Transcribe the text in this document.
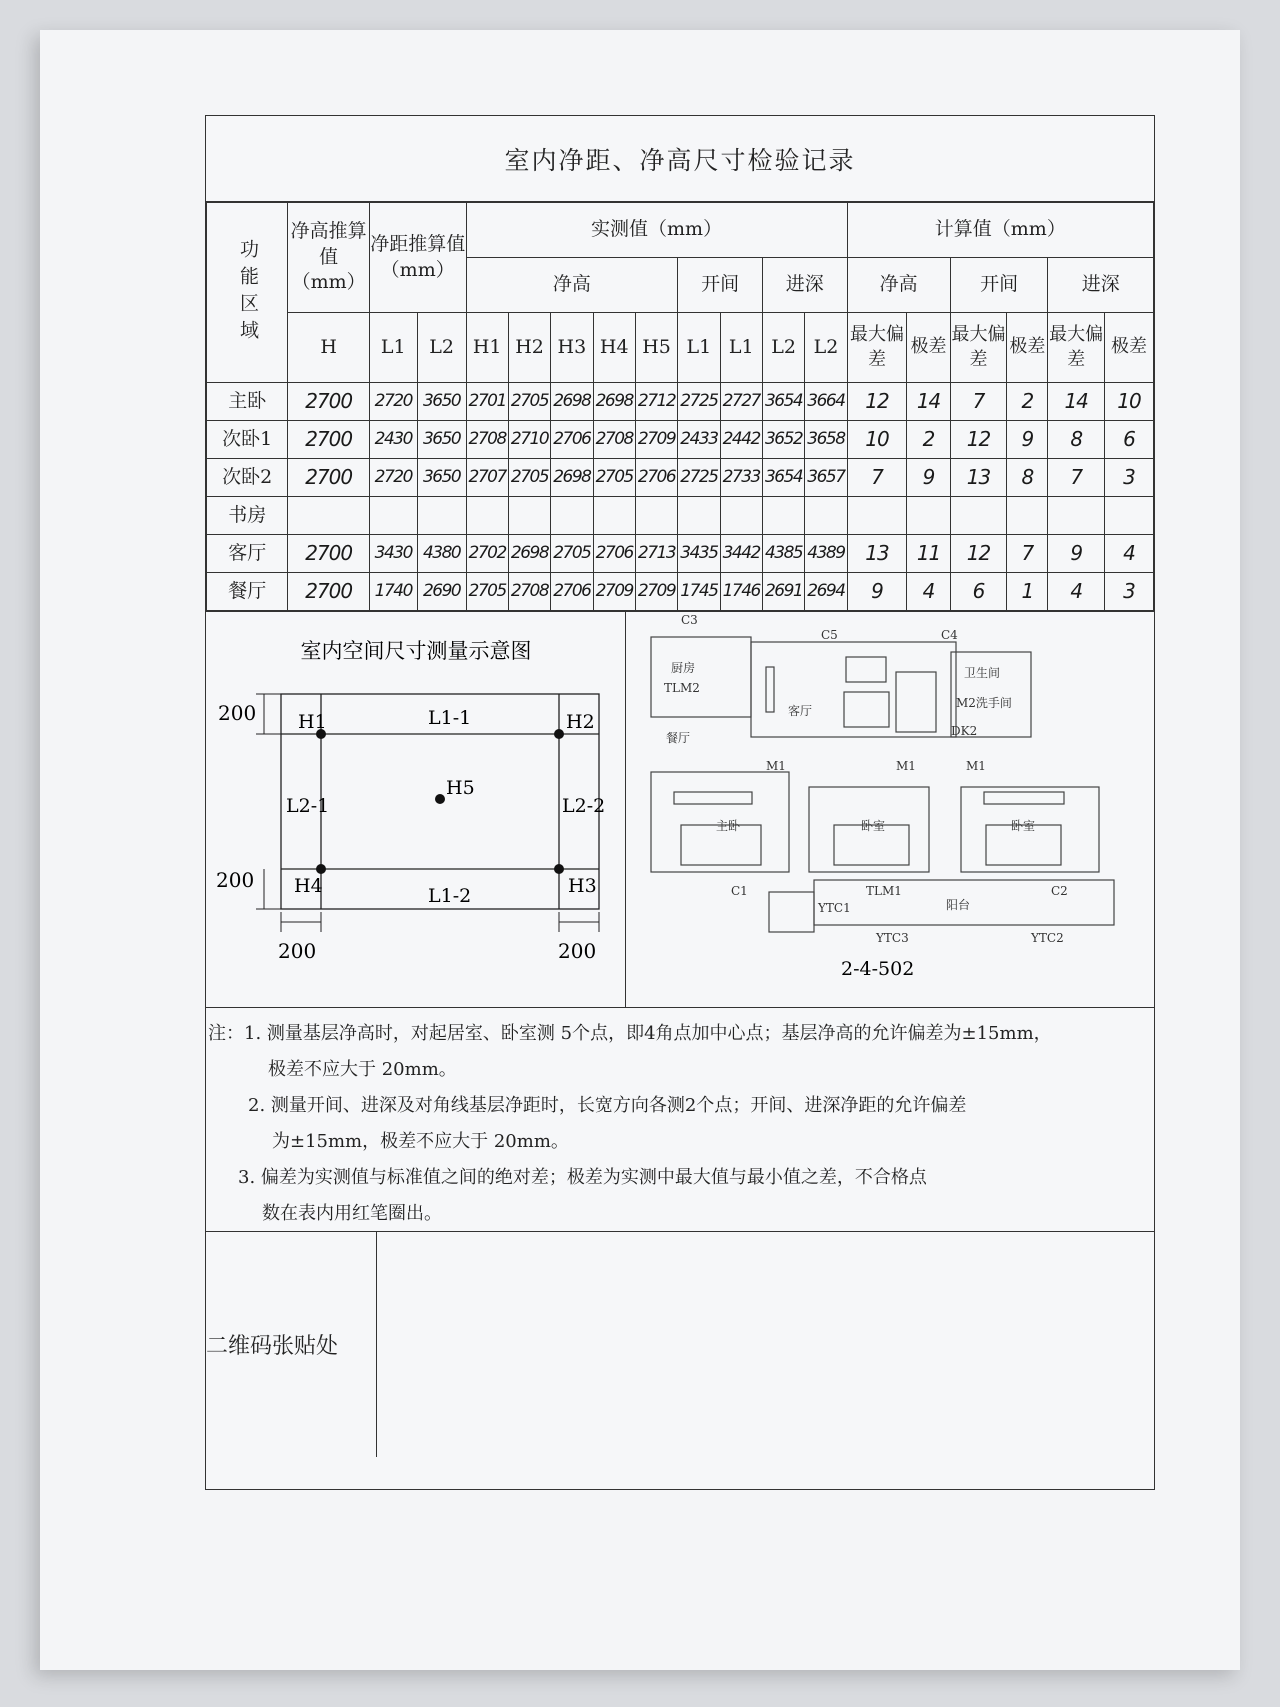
室内净距、净高尺寸检验记录
功能区域	净高推算值（mm）	净距推算值（mm）		实测值（mm）									计算值（mm）					
				净高					开间		进深		净高		开间		进深	
	H	L1	L2	H1	H2	H3	H4	H5	L1	L1	L2	L2	最大偏差	极差	最大偏差	极差	最大偏差	极差
主卧	2700	2720	3650	2701	2705	2698	2698	2712	2725	2727	3654	3664	12	14	7	2	14	10
次卧1	2700	2430	3650	2708	2710	2706	2708	2709	2433	2442	3652	3658	10	2	12	9	8	6
次卧2	2700	2720	3650	2707	2705	2698	2705	2706	2725	2733	3654	3657	7	9	13	8	7	3
书房																		
客厅	2700	3430	4380	2702	2698	2705	2706	2713	3435	3442	4385	4389	13	11	12	7	9	4
餐厅	2700	1740	2690	2705	2708	2706	2709	2709	1745	1746	2691	2694	9	4	6	1	4	3
室内空间尺寸测量示意图
H1	H2
H3
H4
H5
L1-1
L1-2
L2-1	L2-2
200
200
200	200
C3
C5	C4
厨房
TLM2
卫生间
客厅
M2洗手间
餐厅	DK2
M1	M1	M1
主卧	卧室	卧室
C1
YTC1
TLM1
阳台
C2
YTC3	YTC2
2-4-502
注：1. 测量基层净高时，对起居室、卧室测 5个点，即4角点加中心点；基层净高的允许偏差为±15mm，
极差不应大于 20mm。
2. 测量开间、进深及对角线基层净距时，长宽方向各测2个点；开间、进深净距的允许偏差
为±15mm，极差不应大于 20mm。
3. 偏差为实测值与标准值之间的绝对差；极差为实测中最大值与最小值之差，不合格点
数在表内用红笔圈出。
二维码张贴处
